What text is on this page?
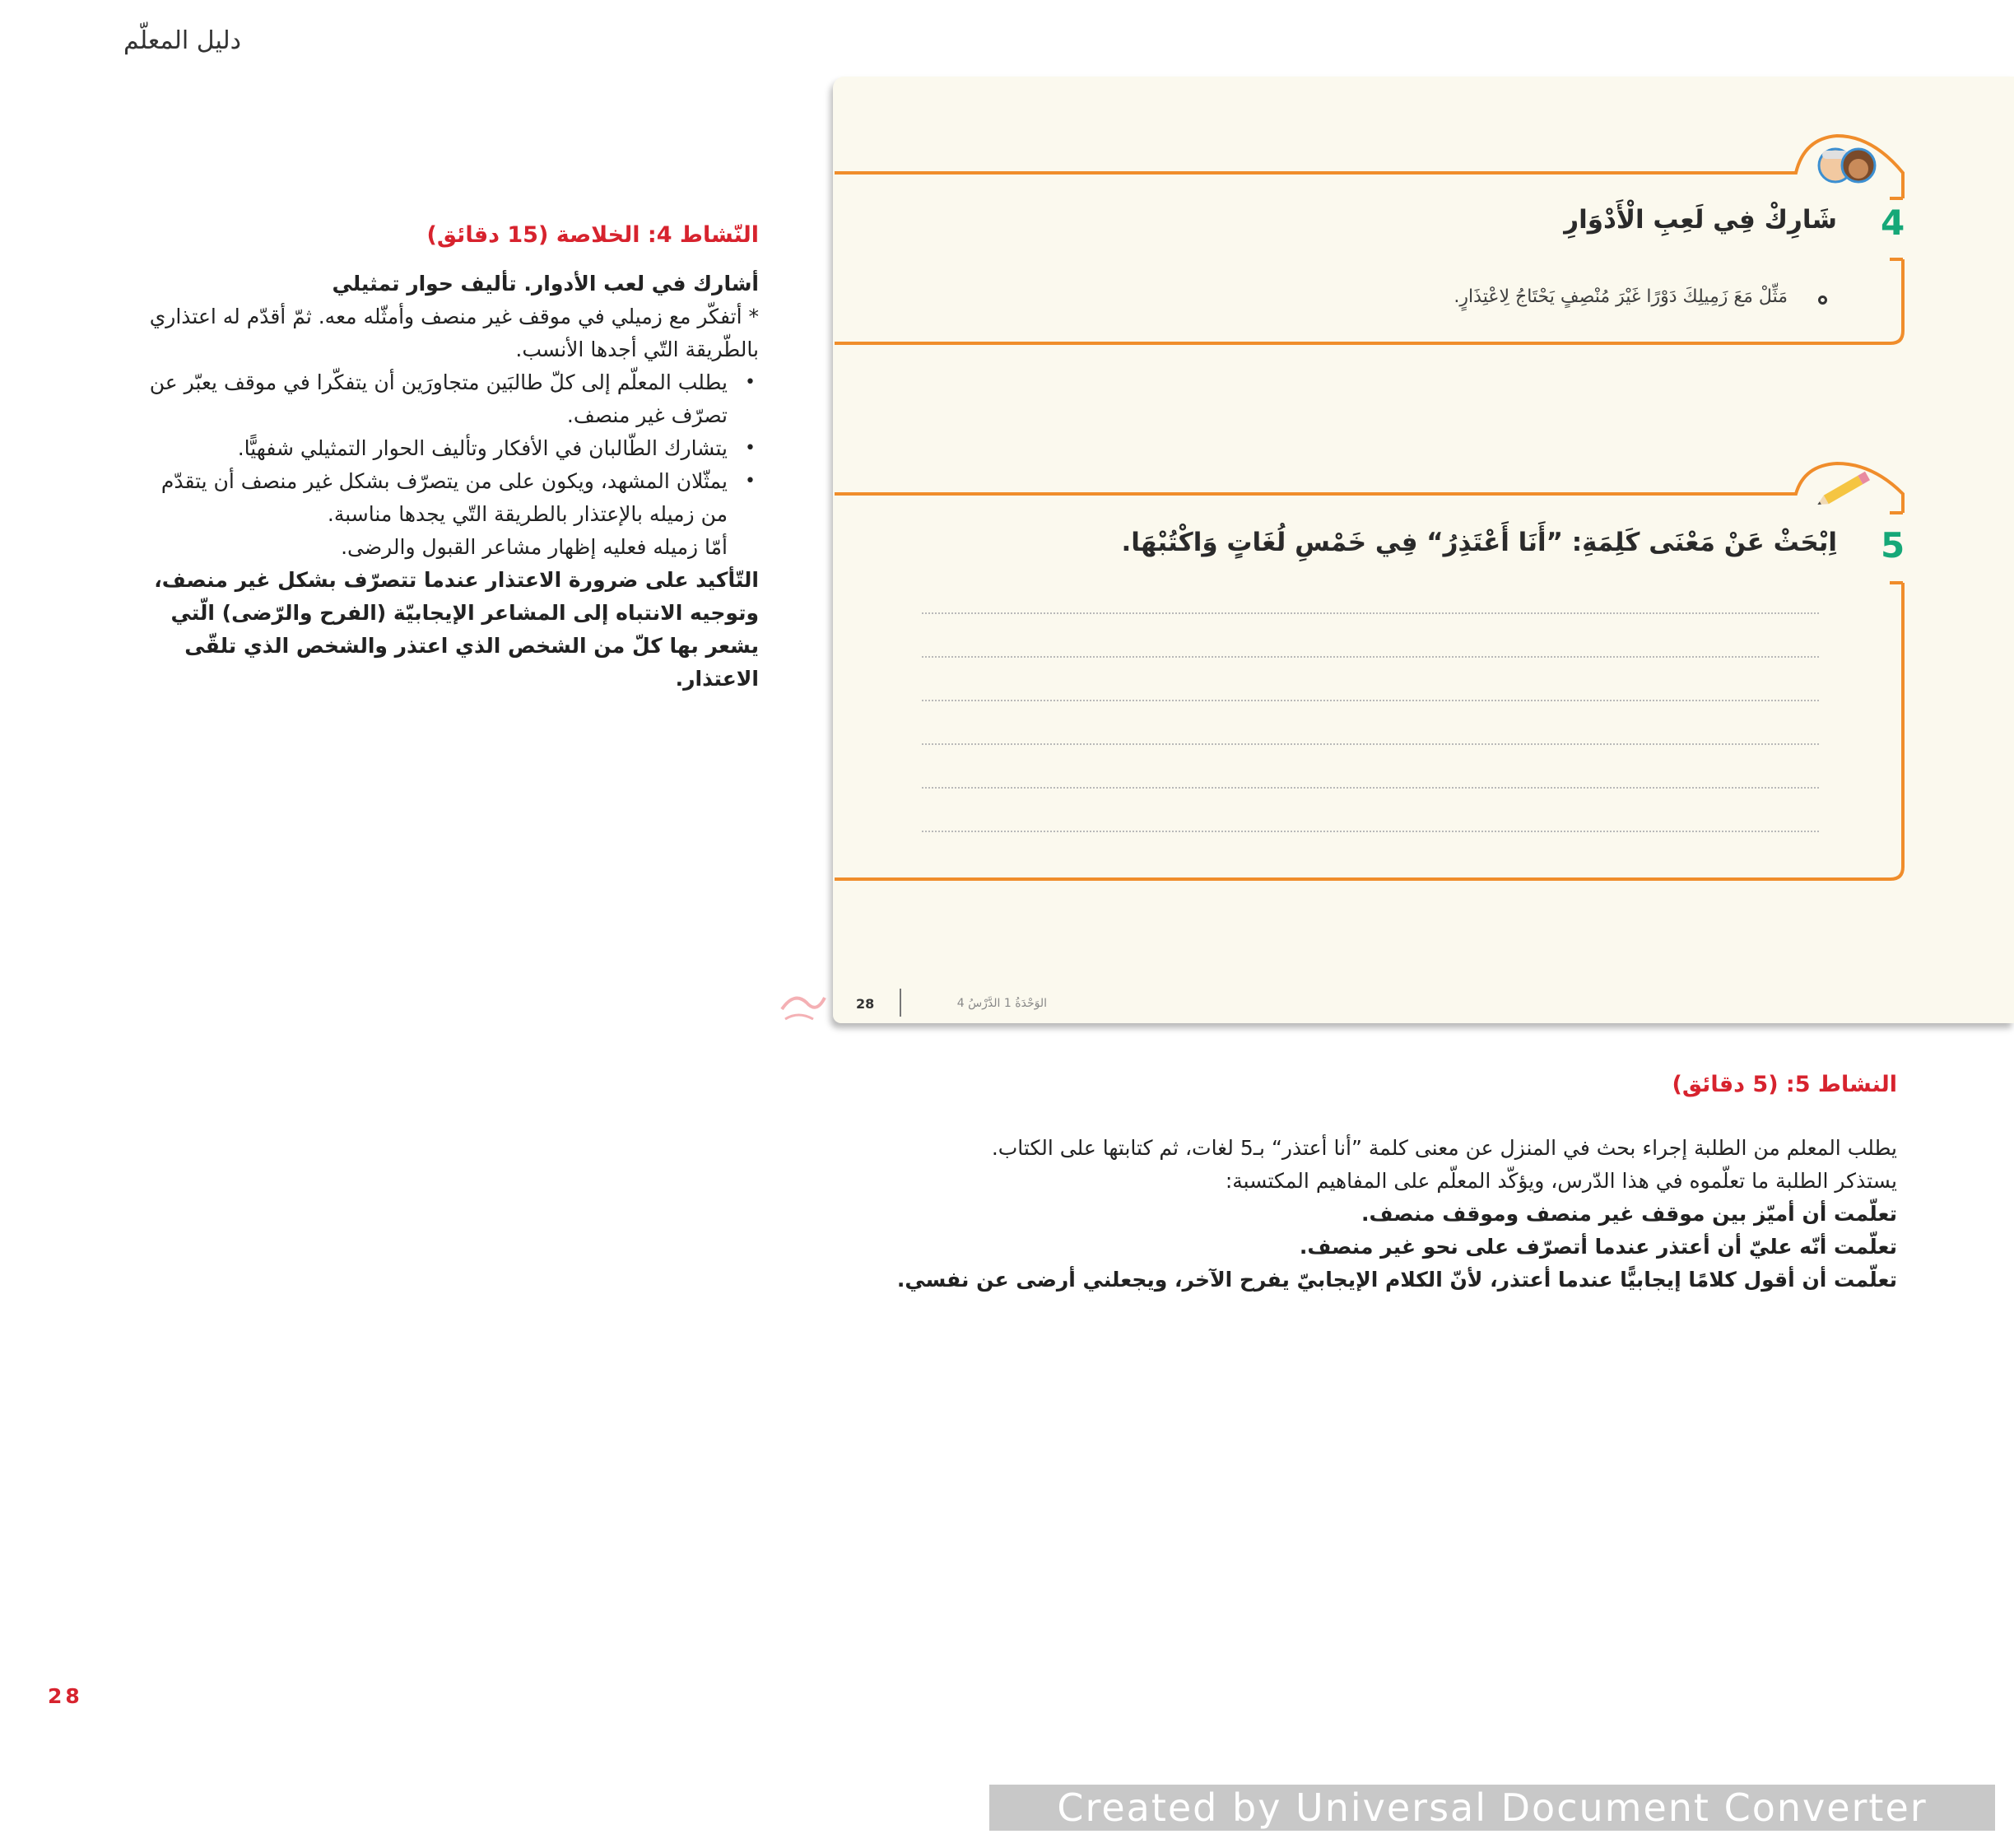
دليل المعلّم
النّشاط 4: الخلاصة (15 دقائق)

أشارك في لعب الأدوار. تأليف حوار تمثيلي

* أتفكّر مع زميلي في موقف غير منصف وأمثّله معه. ثمّ أقدّم له اعتذاري بالطّريقة التّي أجدها الأنسب.

• يطلب المعلّم إلى كلّ طالبَين متجاورَين أن يتفكّرا في موقف يعبّر عن تصرّف غير منصف.
• يتشارك الطّالبان في الأفكار وتأليف الحوار التمثيلي شفهيًّا.
• يمثّلان المشهد، ويكون على من يتصرّف بشكل غير منصف أن يتقدّم من زميله بالإعتذار بالطريقة التّي يجدها مناسبة.

أمّا زميله فعليه إظهار مشاعر القبول والرضى.

التّأكيد على ضرورة الاعتذار عندما تتصرّف بشكل غير منصف، وتوجيه الانتباه إلى المشاعر الإيجابيّة (الفرح والرّضى) الّتي يشعر بها كلّ من الشخص الذي اعتذر والشخص الذي تلقّى الاعتذار.

4
شَارِكْ فِي لَعِبِ الْأَدْوَارِ
مَثِّلْ مَعَ زَمِيلِكَ دَوْرًا غَيْرَ مُنْصِفٍ يَحْتَاجُ لِاعْتِذَارٍ.
5
اِبْحَثْ عَنْ مَعْنَى كَلِمَةِ: ”أَنَا أَعْتَذِرُ“ فِي خَمْسِ لُغَاتٍ وَاكْتُبْهَا.
28	الوَحْدَةُ 1 الدَّرْسُ 4
النشاط 5: (5 دقائق)

يطلب المعلم من الطلبة إجراء بحث في المنزل عن معنى كلمة ”أنا أعتذر“ بـ5 لغات، ثم كتابتها على الكتاب.

يستذكر الطلبة ما تعلّموه في هذا الدّرس، ويؤكّد المعلّم على المفاهيم المكتسبة:

تعلّمت أن أميّز بين موقف غير منصف وموقف منصف.

تعلّمت أنّه عليّ أن أعتذر عندما أتصرّف على نحو غير منصف.

تعلّمت أن أقول كلامًا إيجابيًّا عندما أعتذر، لأنّ الكلام الإيجابيّ يفرح الآخر، ويجعلني أرضى عن نفسي.

28
Created by Universal Document Converter
